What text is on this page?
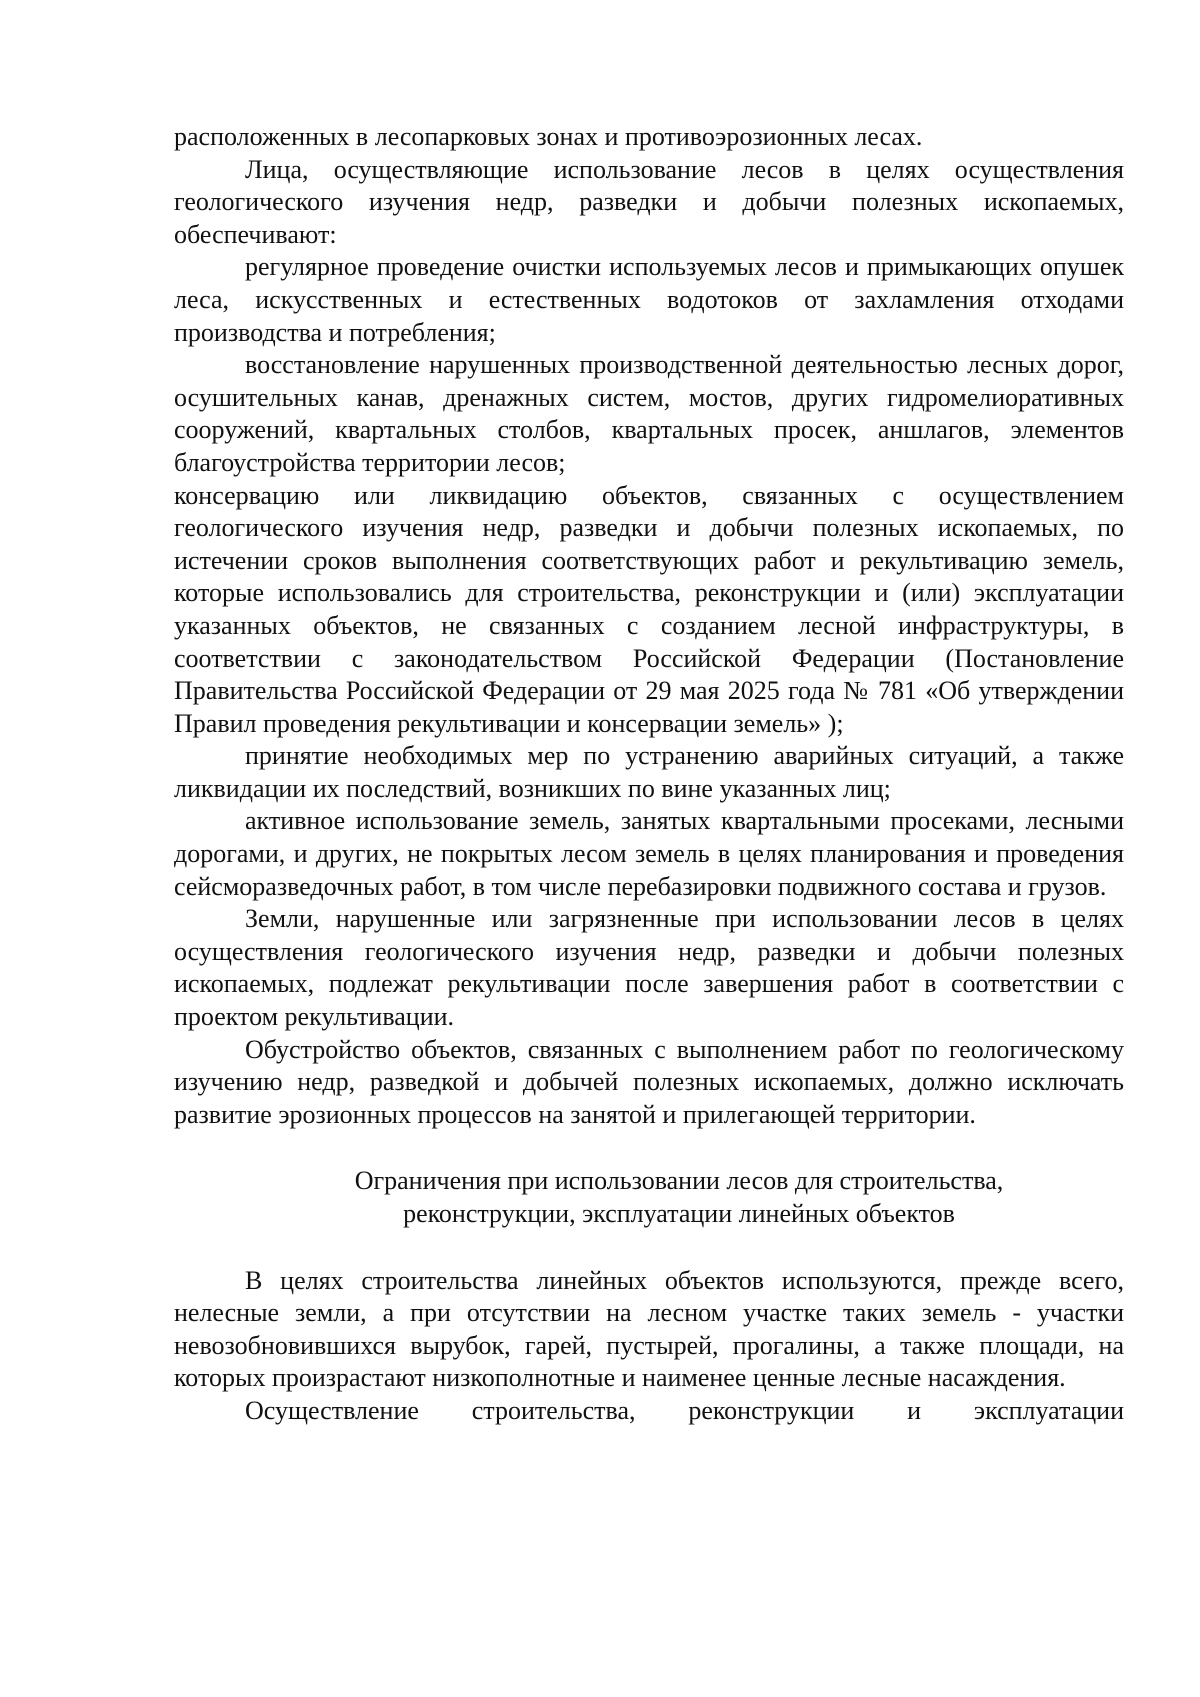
расположенных в лесопарковых зонах и противоэрозионных лесах.

Лица, осуществляющие использование лесов в целях осуществления геологического изучения недр, разведки и добычи полезных ископаемых, обеспечивают:

регулярное проведение очистки используемых лесов и примыкающих опушек леса, искусственных и естественных водотоков от захламления отходами производства и потребления;

восстановление нарушенных производственной деятельностью лесных дорог, осушительных канав, дренажных систем, мостов, других гидромелиоративных сооружений, квартальных столбов, квартальных просек, аншлагов, элементов благоустройства территории лесов;

консервацию или ликвидацию объектов, связанных с осуществлением геологического изучения недр, разведки и добычи полезных ископаемых, по истечении сроков выполнения соответствующих работ и рекультивацию земель, которые использовались для строительства, реконструкции и (или) эксплуатации указанных объектов, не связанных с созданием лесной инфраструктуры, в соответствии с законодательством Российской Федерации (Постановление Правительства Российской Федерации от 29 мая 2025 года № 781 «Об утверждении Правил проведения рекультивации и консервации земель» );

принятие необходимых мер по устранению аварийных ситуаций, а также ликвидации их последствий, возникших по вине указанных лиц;

активное использование земель, занятых квартальными просеками, лесными дорогами, и других, не покрытых лесом земель в целях планирования и проведения сейсморазведочных работ, в том числе перебазировки подвижного состава и грузов.

Земли, нарушенные или загрязненные при использовании лесов в целях осуществления геологического изучения недр, разведки и добычи полезных ископаемых, подлежат рекультивации после завершения работ в соответствии с проектом рекультивации.

Обустройство объектов, связанных с выполнением работ по геологическому изучению недр, разведкой и добычей полезных ископаемых, должно исключать развитие эрозионных процессов на занятой и прилегающей территории.

Ограничения при использовании лесов для строительства,

реконструкции, эксплуатации линейных объектов

В целях строительства линейных объектов используются, прежде всего, нелесные земли, а при отсутствии на лесном участке таких земель - участки невозобновившихся вырубок, гарей, пустырей, прогалины, а также площади, на которых произрастают низкополнотные и наименее ценные лесные насаждения.

Осуществление строительства, реконструкции и эксплуатации
